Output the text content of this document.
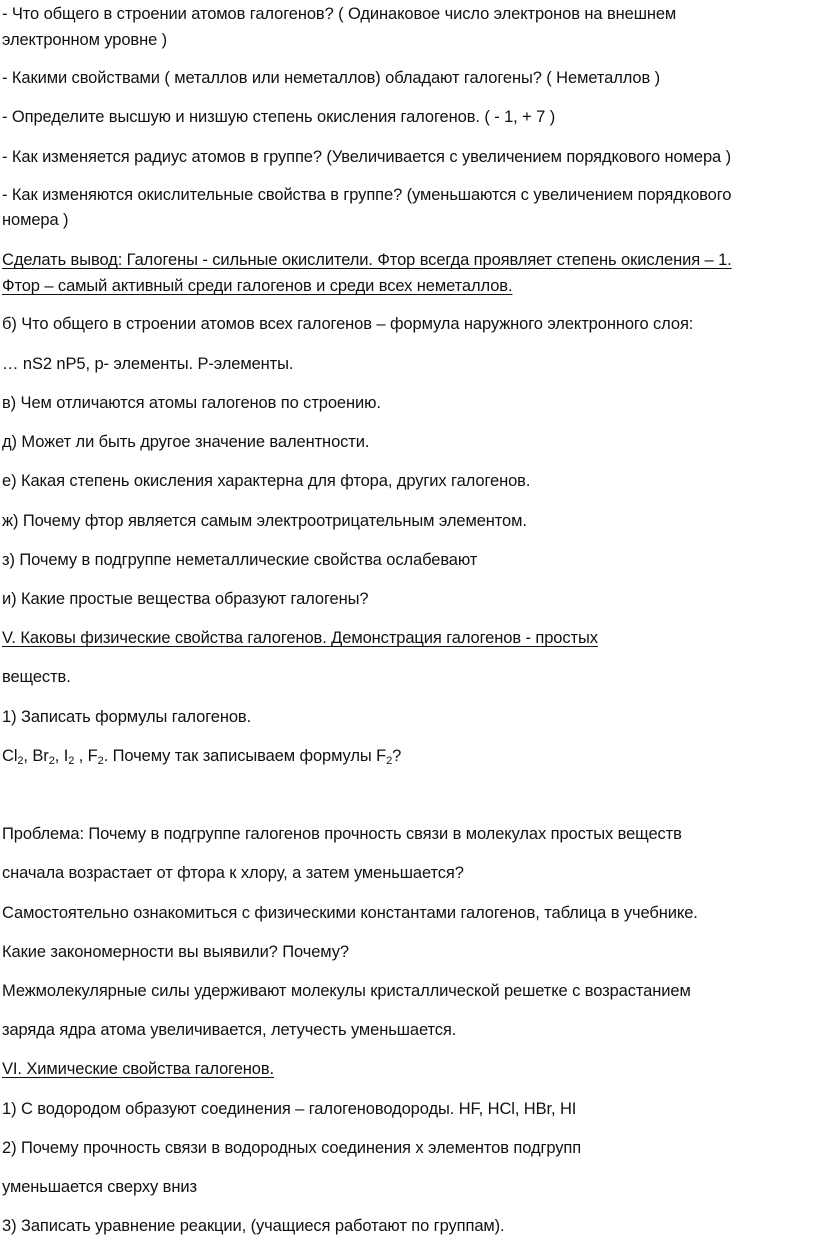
- Что общего в строении атомов галогенов? ( Одинаковое число электронов на внешнем
электронном уровне )
- Какими свойствами ( металлов или неметаллов) обладают галогены? ( Неметаллов )
- Определите высшую и низшую степень окисления галогенов. ( - 1, + 7 )
- Как изменяется радиус атомов в группе? (Увеличивается с увеличением порядкового номера )
- Как изменяются окислительные свойства в группе? (уменьшаются с увеличением порядкового
номера )
Сделать вывод: Галогены - сильные окислители. Фтор всегда проявляет степень окисления – 1.
Фтор – самый активный среди галогенов и среди всех неметаллов.
б) Что общего в строении атомов всех галогенов – формула наружного электронного слоя:
… nS2 nP5, р- элементы. Р-элементы.
в) Чем отличаются атомы галогенов по строению.
д) Может ли быть другое значение валентности.
е) Какая степень окисления характерна для фтора, других галогенов.
ж) Почему фтор является самым электроотрицательным элементом.
з) Почему в подгруппе неметаллические свойства ослабевают
и) Какие простые вещества образуют галогены?
V. Каковы физические свойства галогенов. Демонстрация галогенов - простых
веществ.
1) Записать формулы галогенов.
$Cl_2$, $Br_2$, $I_2$ , $F_2$. Почему так записываем формулы $F_2$?
Проблема: Почему в подгруппе галогенов прочность связи в молекулах простых веществ
сначала возрастает от фтора к хлору, а затем уменьшается?
Самостоятельно ознакомиться с физическими константами галогенов, таблица в учебнике.
Какие закономерности вы выявили? Почему?
Межмолекулярные силы удерживают молекулы кристаллической решетке с возрастанием
заряда ядра атома увеличивается, летучесть уменьшается.
VI. Химические свойства галогенов.
1) С водородом образуют соединения – галогеноводороды. HF, HCl, HBr, HI
2) Почему прочность связи в водородных соединения х элементов подгрупп
уменьшается сверху вниз
3) Записать уравнение реакции, (учащиеся работают по группам).
